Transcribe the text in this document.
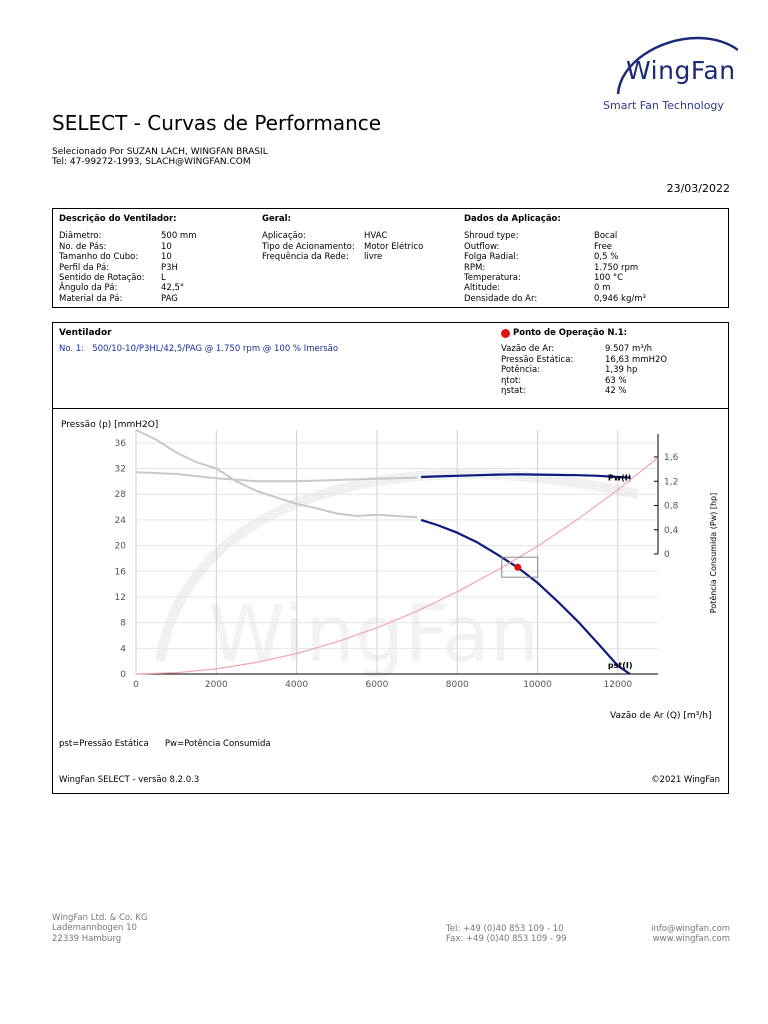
WingFan
Smart Fan Technology
SELECT - Curvas de Performance
Selecionado Por SUZAN LACH, WINGFAN BRASIL
Tel: 47-99272-1993, SLACH@WINGFAN.COM
23/03/2022
Descrição do Ventilador:
Diâmetro:	500 mm
No. de Pás:	10
Tamanho do Cubo:	10
Perfil da Pá:	P3H
Sentido de Rotação:	L
Ângulo da Pá:	42,5°
Material da Pá:	PAG
Geral:
Aplicação:	HVAC
Tipo de Acionamento:	Motor Elétrico
Frequência da Rede:	livre
Dados da Aplicação:
Shroud type:	Bocal
Outflow:	Free
Folga Radial:	0,5 %
RPM:	1.750 rpm
Temperatura:	100 °C
Altitude:	0 m
Densidade do Ar:	0,946 kg/m³
Ventilador
No. 1:   500/10-10/P3HL/42,5/PAG @ 1.750 rpm @ 100 % Imersão
Ponto de Operação N.1:
Vazão de Ar:	9.507 m³/h
Pressão Estática:	16,63 mmH2O
Potência:	1,39 hp
ηtot:	63 %
ηstat:	42 %
WingFan
0	2000	4000	6000	8000	10000	12000
0
4
8
12
16
20
24
28
32
36
0
0,4
0,8
1,2
1,6
Pressão (p) [mmH2O]
Vazão de Ar (Q) [m³/h]
Potência Consumida (Pw) [hp]
pst(I)
Pw(I)
pst=Pressão Estática      Pw=Potência Consumida
WingFan SELECT - versão 8.2.0.3	©2021 WingFan
WingFan Ltd. & Co. KG
Lademannbogen 10
22339 Hamburg
Tel: +49 (0)40 853 109 - 10
Fax: +49 (0)40 853 109 - 99
info@wingfan.com
www.wingfan.com
